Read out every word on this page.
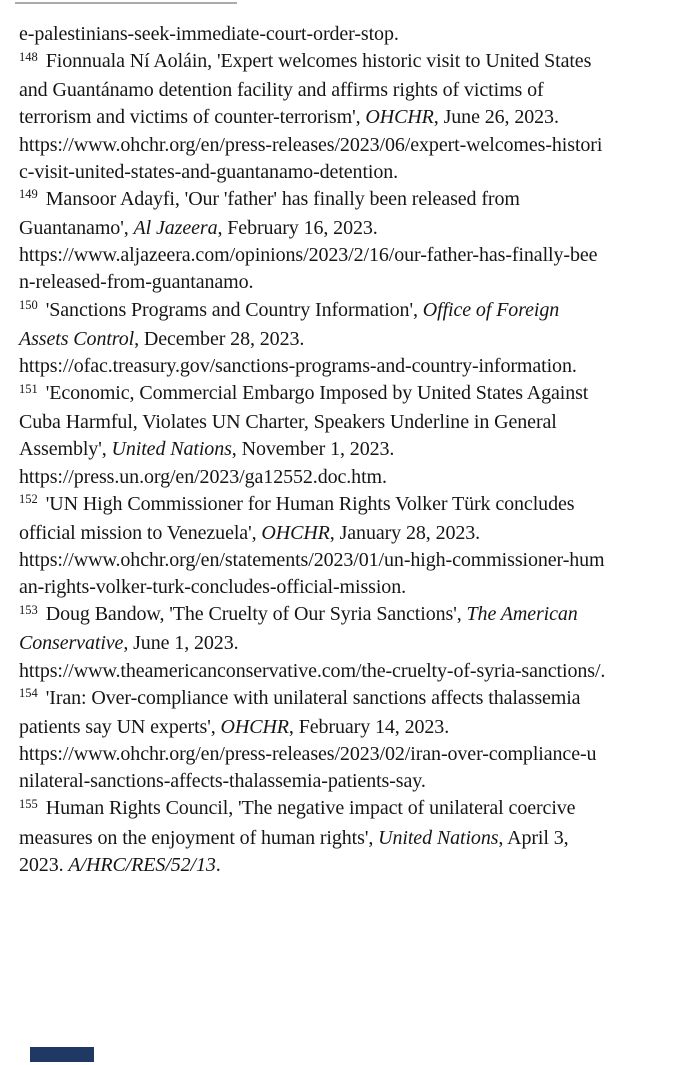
e-palestinians-seek-immediate-court-order-stop.
$^{148}$ Fionnuala Ní Aoláin, 'Expert welcomes historic visit to United States
and Guantánamo detention facility and affirms rights of victims of
terrorism and victims of counter-terrorism', OHCHR, June 26, 2023.
https://www.ohchr.org/en/press-releases/2023/06/expert-welcomes-histori
c-visit-united-states-and-guantanamo-detention.
$^{149}$ Mansoor Adayfi, 'Our 'father' has finally been released from
Guantanamo', Al Jazeera, February 16, 2023.
https://www.aljazeera.com/opinions/2023/2/16/our-father-has-finally-bee
n-released-from-guantanamo.
$^{150}$ 'Sanctions Programs and Country Information', Office of Foreign
Assets Control, December 28, 2023.
https://ofac.treasury.gov/sanctions-programs-and-country-information.
$^{151}$ 'Economic, Commercial Embargo Imposed by United States Against
Cuba Harmful, Violates UN Charter, Speakers Underline in General
Assembly', United Nations, November 1, 2023.
https://press.un.org/en/2023/ga12552.doc.htm.
$^{152}$ 'UN High Commissioner for Human Rights Volker Türk concludes
official mission to Venezuela', OHCHR, January 28, 2023.
https://www.ohchr.org/en/statements/2023/01/un-high-commissioner-hum
an-rights-volker-turk-concludes-official-mission.
$^{153}$ Doug Bandow, 'The Cruelty of Our Syria Sanctions', The American
Conservative, June 1, 2023.
https://www.theamericanconservative.com/the-cruelty-of-syria-sanctions/.
$^{154}$ 'Iran: Over-compliance with unilateral sanctions affects thalassemia
patients say UN experts', OHCHR, February 14, 2023.
https://www.ohchr.org/en/press-releases/2023/02/iran-over-compliance-u
nilateral-sanctions-affects-thalassemia-patients-say.
$^{155}$ Human Rights Council, 'The negative impact of unilateral coercive
measures on the enjoyment of human rights', United Nations, April 3,
2023. A/HRC/RES/52/13.
